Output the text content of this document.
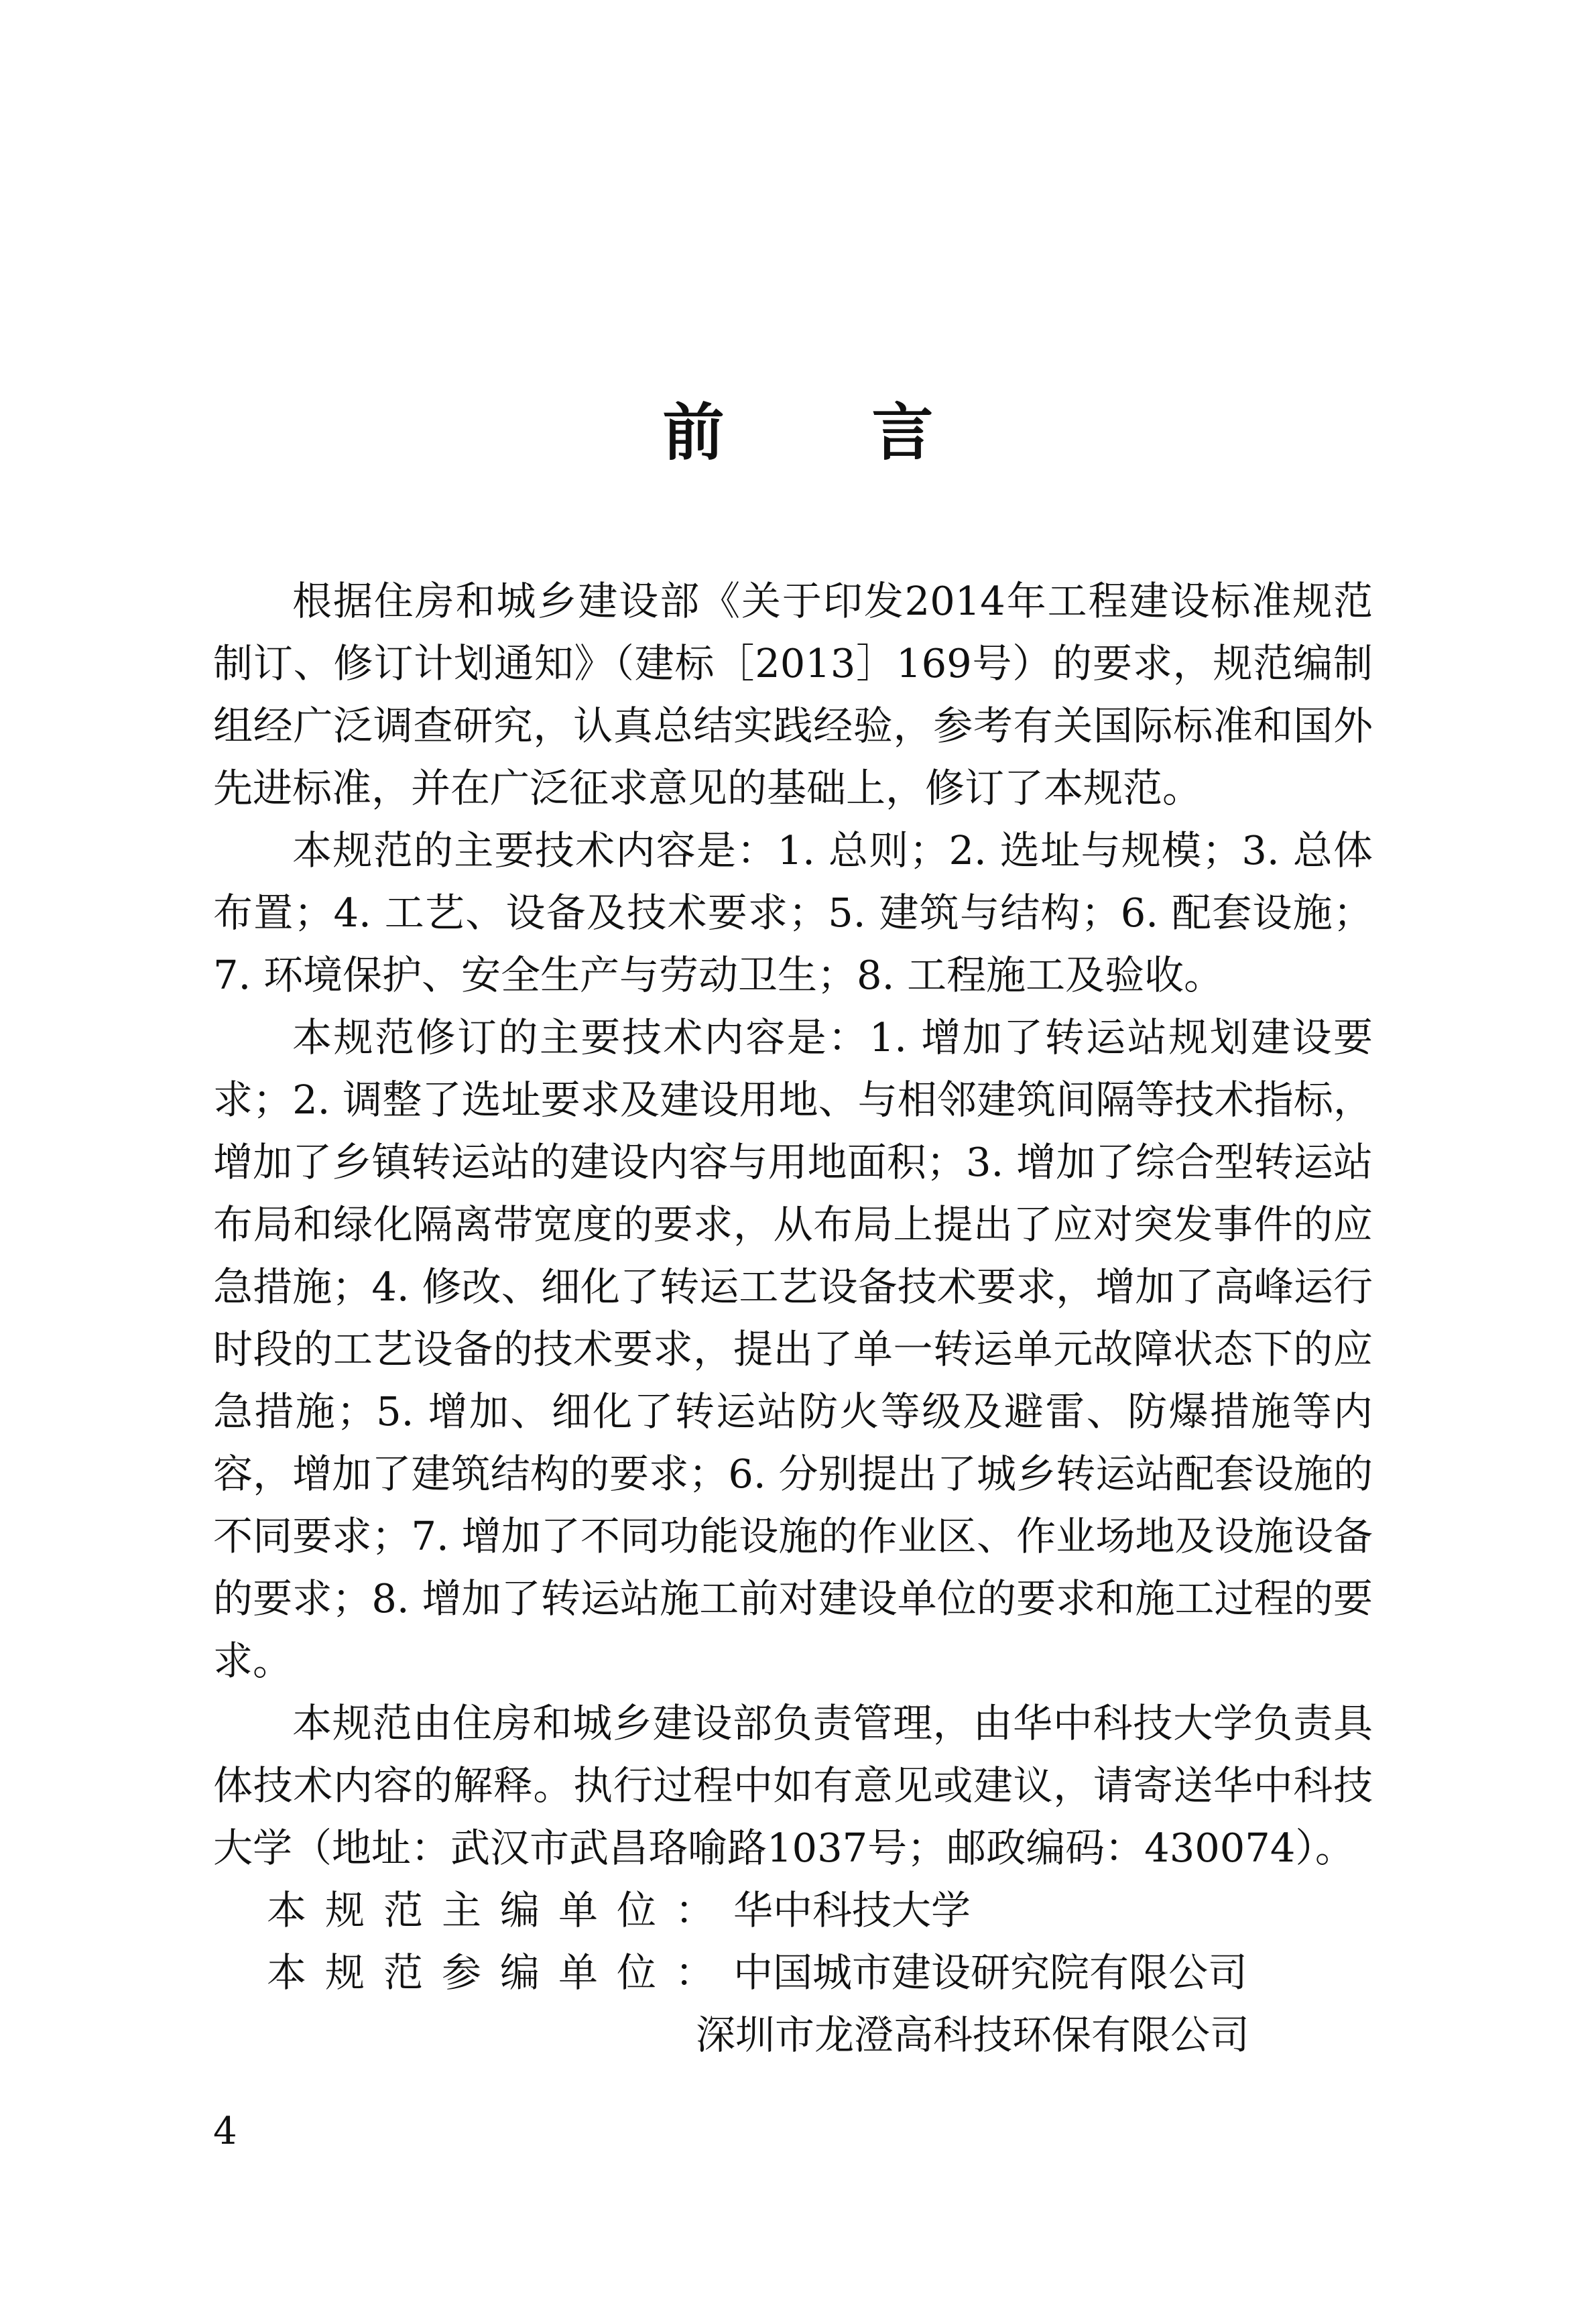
前 言

根据住房和城乡建设部《关于印发2014年工程建设标准规范制订、修订计划通知》（建标［2013］169号）的要求，规范编制组经广泛调查研究，认真总结实践经验，参考有关国际标准和国外先进标准，并在广泛征求意见的基础上，修订了本规范。

本规范的主要技术内容是：1. 总则；2. 选址与规模；3. 总体布置；4. 工艺、设备及技术要求；5. 建筑与结构；6. 配套设施；7. 环境保护、安全生产与劳动卫生；8. 工程施工及验收。

本规范修订的主要技术内容是：1. 增加了转运站规划建设要求；2. 调整了选址要求及建设用地、与相邻建筑间隔等技术指标，增加了乡镇转运站的建设内容与用地面积；3. 增加了综合型转运站布局和绿化隔离带宽度的要求，从布局上提出了应对突发事件的应急措施；4. 修改、细化了转运工艺设备技术要求，增加了高峰运行时段的工艺设备的技术要求，提出了单一转运单元故障状态下的应急措施；5. 增加、细化了转运站防火等级及避雷、防爆措施等内容，增加了建筑结构的要求；6. 分别提出了城乡转运站配套设施的不同要求；7. 增加了不同功能设施的作业区、作业场地及设施设备的要求；8. 增加了转运站施工前对建设单位的要求和施工过程的要求。

本规范由住房和城乡建设部负责管理，由华中科技大学负责具体技术内容的解释。执行过程中如有意见或建议，请寄送华中科技大学（地址：武汉市武昌珞喻路1037号；邮政编码：430074）。

本规范主编单位：华中科技大学

本规范参编单位：中国城市建设研究院有限公司

深圳市龙澄高科技环保有限公司

4
